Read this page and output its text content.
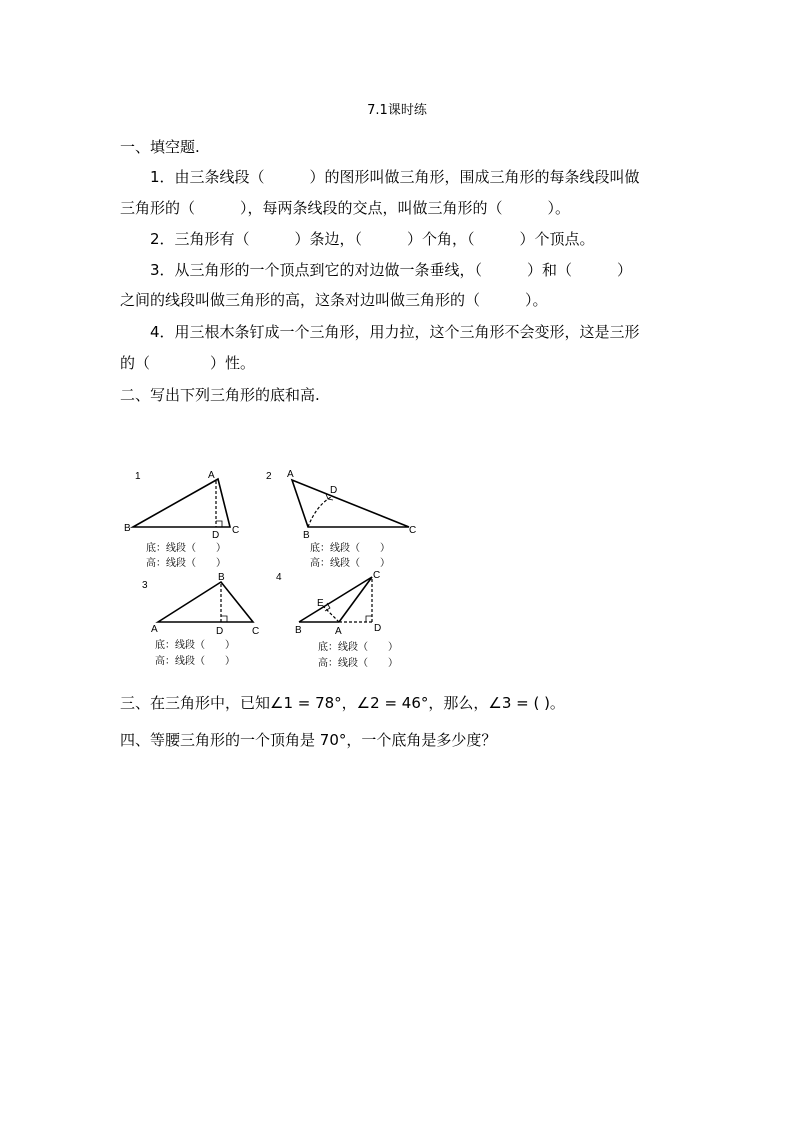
7.1课时练
一、填空题.
1．由三条线段（　　　）的图形叫做三角形，围成三角形的每条线段叫做
三角形的（　　　），每两条线段的交点，叫做三角形的（　　　）。
2．三角形有（　　　）条边，（　　　）个角，（　　　）个顶点。
3．从三角形的一个顶点到它的对边做一条垂线，（　　　）和（　　　）
之间的线段叫做三角形的高，这条对边叫做三角形的（　　　）。
4．用三根木条钉成一个三角形，用力拉，这个三角形不会变形，这是三形
的（　　　　）性。
二、写出下列三角形的底和高.
1	A
B	C
D
底：线段（　　）
高：线段（　　）
2 A
B	C
D
底：线段（　　）
高：线段（　　）
3
B
A	C
D
底：线段（　　）
高：线段（　　）
4	C
E
B	A	D
底：线段（　　）
高：线段（　　）
三、在三角形中，已知∠1 = 78°，∠2 = 46°，那么，∠3 = ( )。
四、等腰三角形的一个顶角是 70°，一个底角是多少度？
